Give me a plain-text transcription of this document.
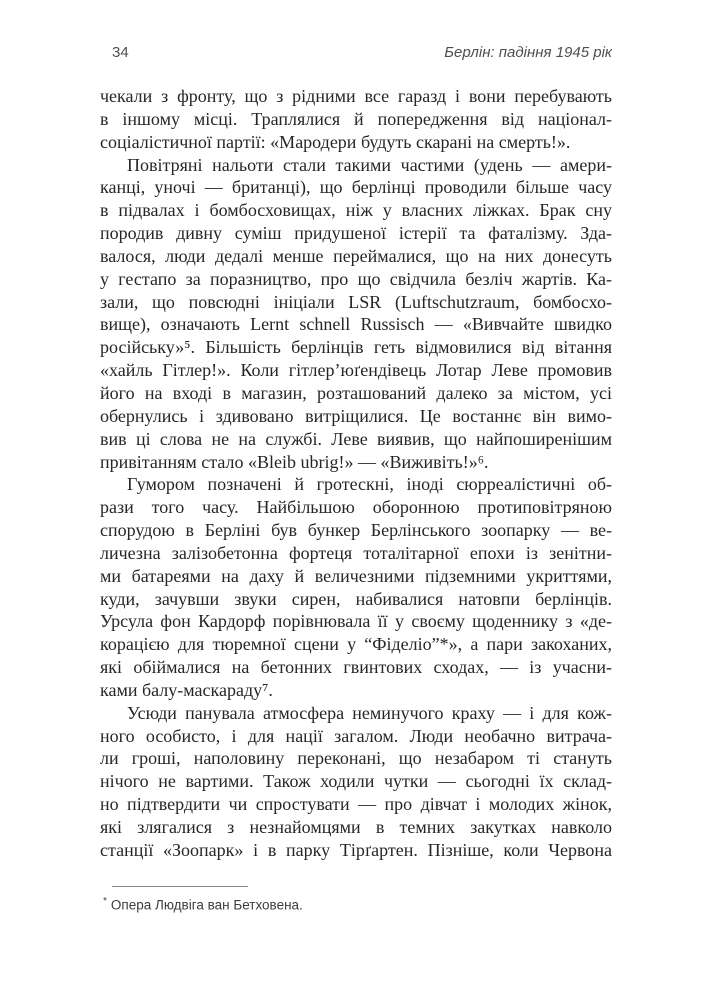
34	Берлін: падіння 1945 рік
чекали з фронту, що з рідними все гаразд і вони перебувають
в іншому місці. Траплялися й попередження від націонал-
соціалістичної партії: «Мародери будуть скарані на смерть!».
Повітряні нальоти стали такими частими (удень — амери-
канці, уночі — британці), що берлінці проводили більше часу
в підвалах і бомбосховищах, ніж у власних ліжках. Брак сну
породив дивну суміш придушеної істерії та фаталізму. Зда-
валося, люди дедалі менше переймалися, що на них донесуть
у гестапо за поразництво, про що свідчила безліч жартів. Ка-
зали, що повсюдні ініціали LSR (Luftschutzraum, бомбосхо-
вище), означають Lernt schnell Russisch — «Вивчайте швидко
російську»⁵. Більшість берлінців геть відмовилися від вітання
«хайль Гітлер!». Коли гітлер’юґендівець Лотар Леве промовив
його на вході в магазин, розташований далеко за містом, усі
обернулись і здивовано витріщилися. Це востаннє він вимо-
вив ці слова не на службі. Леве виявив, що найпоширенішим
привітанням стало «Bleib ubrig!» — «Виживіть!»⁶.
Гумором позначені й гротескні, іноді сюрреалістичні об-
рази того часу. Найбільшою оборонною протиповітряною
спорудою в Берліні був бункер Берлінського зоопарку — ве-
личезна залізобетонна фортеця тоталітарної епохи із зенітни-
ми батареями на даху й величезними підземними укриттями,
куди, зачувши звуки сирен, набивалися натовпи берлінців.
Урсула фон Кардорф порівнювала її у своєму щоденнику з «де-
корацією для тюремної сцени у “Фіделіо”*», а пари закоханих,
які обіймалися на бетонних гвинтових сходах, — із учасни-
ками балу-маскараду⁷.
Усюди панувала атмосфера неминучого краху — і для кож-
ного особисто, і для нації загалом. Люди необачно витрача-
ли гроші, наполовину переконані, що незабаром ті стануть
нічого не вартими. Також ходили чутки — сьогодні їх склад-
но підтвердити чи спростувати — про дівчат і молодих жінок,
які злягалися з незнайомцями в темних закутках навколо
станції «Зоопарк» і в парку Тірґартен. Пізніше, коли Червона
* Опера Людвіга ван Бетховена.
